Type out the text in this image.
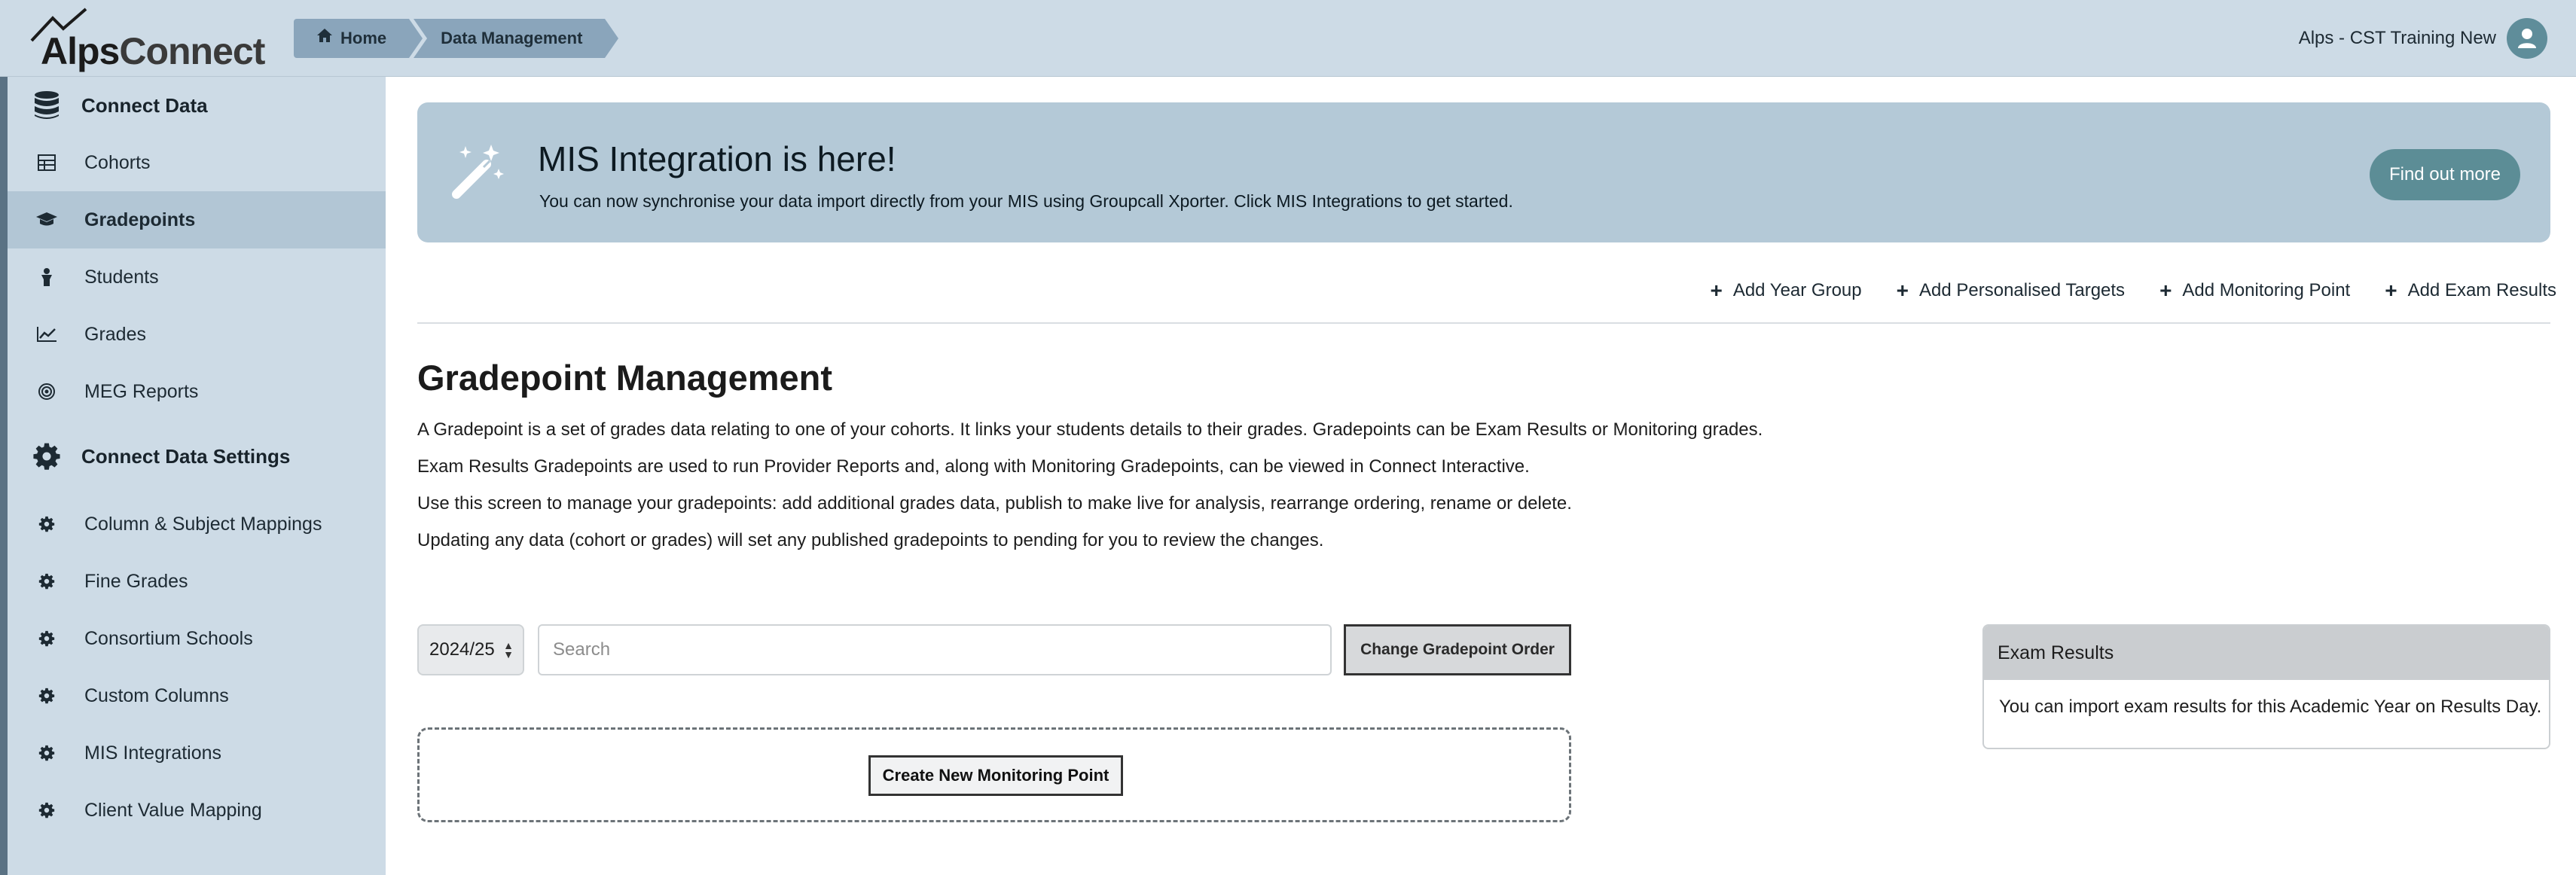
AlpsConnect	Home	Data Management	Alps - CST Training New
Connect Data
Cohorts
Gradepoints
Students
Grades
MEG Reports
Connect Data Settings
Column & Subject Mappings
Fine Grades
Consortium Schools
Custom Columns
MIS Integrations
Client Value Mapping
MIS Integration is here!
You can now synchronise your data import directly from your MIS using Groupcall Xporter. Click MIS Integrations to get started.
Find out more
+ Add Year Group + Add Personalised Targets + Add Monitoring Point + Add Exam Results
Gradepoint Management

A Gradepoint is a set of grades data relating to one of your cohorts. It links your students details to their grades. Gradepoints can be Exam Results or Monitoring grades.

Exam Results Gradepoints are used to run Provider Reports and, along with Monitoring Gradepoints, can be viewed in Connect Interactive.

Use this screen to manage your gradepoints: add additional grades data, publish to make live for analysis, rearrange ordering, rename or delete.

Updating any data (cohort or grades) will set any published gradepoints to pending for you to review the changes.

2024/25 ▲
▼
Search	Change Gradepoint Order
Create New Monitoring Point
Exam Results
You can import exam results for this Academic Year on Results Day.
